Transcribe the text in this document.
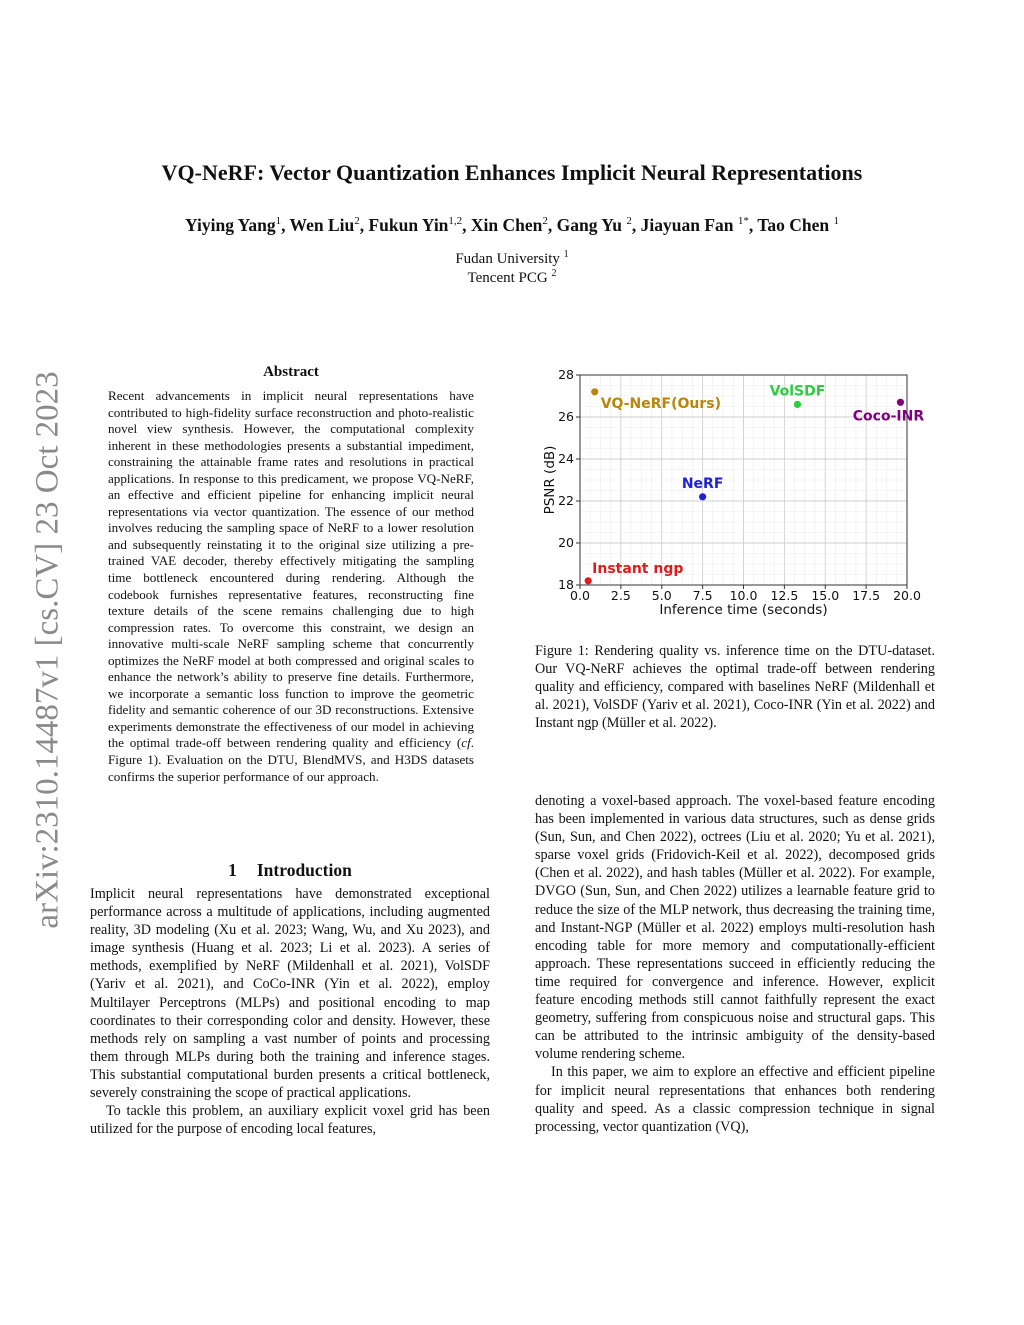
VQ-NeRF: Vector Quantization Enhances Implicit Neural Representations
Yiying Yang$^1$, Wen Liu$^2$, Fukun Yin$^{1,2}$, Xin Chen$^2$, Gang Yu $^2$, Jiayuan Fan $^{1*}$, Tao Chen $^1$
Fudan University $^1$
Tencent PCG $^2$
arXiv:2310.14487v1 [cs.CV] 23 Oct 2023	Abstract

Recent advancements in implicit neural representations have contributed to high-fidelity surface reconstruction and photo-realistic novel view synthesis. However, the computational complexity inherent in these methodologies presents a substantial impediment, constraining the attainable frame rates and resolutions in practical applications. In response to this predicament, we propose VQ-NeRF, an effective and efficient pipeline for enhancing implicit neural representations via vector quantization. The essence of our method involves reducing the sampling space of NeRF to a lower resolution and subsequently reinstating it to the original size utilizing a pre-trained VAE decoder, thereby effectively mitigating the sampling time bottleneck encountered during rendering. Although the codebook furnishes representative features, reconstructing fine texture details of the scene remains challenging due to high compression rates. To overcome this constraint, we design an innovative multi-scale NeRF sampling scheme that concurrently optimizes the NeRF model at both compressed and original scales to enhance the network’s ability to preserve fine details. Furthermore, we incorporate a semantic loss function to improve the geometric fidelity and semantic coherence of our 3D reconstructions. Extensive experiments demonstrate the effectiveness of our model in achieving the optimal trade-off between rendering quality and efficiency (cf. Figure 1). Evaluation on the DTU, BlendMVS, and H3DS datasets confirms the superior performance of our approach.

1 Introduction

Implicit neural representations have demonstrated exceptional performance across a multitude of applications, including augmented reality, 3D modeling (Xu et al. 2023; Wang, Wu, and Xu 2023), and image synthesis (Huang et al. 2023; Li et al. 2023). A series of methods, exemplified by NeRF (Mildenhall et al. 2021), VolSDF (Yariv et al. 2021), and CoCo-INR (Yin et al. 2022), employ Multilayer Perceptrons (MLPs) and positional encoding to map coordinates to their corresponding color and density. However, these methods rely on sampling a vast number of points and processing them through MLPs during both the training and inference stages. This substantial computational burden presents a critical bottleneck, severely constraining the scope of practical applications.

To tackle this problem, an auxiliary explicit voxel grid has been utilized for the purpose of encoding local features,

0.0 2.5 5.0 7.5 10.0 12.5 15.0 17.5 20.0
18
20
22
24
26
28
Inference time (seconds)
PSNR (dB)
VQ-NeRF(Ours)
VolSDF
Coco-INR
NeRF
Instant ngp
Figure 1: Rendering quality vs. inference time on the DTU-dataset. Our VQ-NeRF achieves the optimal trade-off between rendering quality and efficiency, compared with baselines NeRF (Mildenhall et al. 2021), VolSDF (Yariv et al. 2021), Coco-INR (Yin et al. 2022) and Instant ngp (Müller et al. 2022).

denoting a voxel-based approach. The voxel-based feature encoding has been implemented in various data structures, such as dense grids (Sun, Sun, and Chen 2022), octrees (Liu et al. 2020; Yu et al. 2021), sparse voxel grids (Fridovich-Keil et al. 2022), decomposed grids (Chen et al. 2022), and hash tables (Müller et al. 2022). For example, DVGO (Sun, Sun, and Chen 2022) utilizes a learnable feature grid to reduce the size of the MLP network, thus decreasing the training time, and Instant-NGP (Müller et al. 2022) employs multi-resolution hash encoding table for more memory and computationally-efficient approach. These representations succeed in efficiently reducing the time required for convergence and inference. However, explicit feature encoding methods still cannot faithfully represent the exact geometry, suffering from conspicuous noise and structural gaps. This can be attributed to the intrinsic ambiguity of the density-based volume rendering scheme.

In this paper, we aim to explore an effective and efficient pipeline for implicit neural representations that enhances both rendering quality and speed. As a classic compression technique in signal processing, vector quantization (VQ),
